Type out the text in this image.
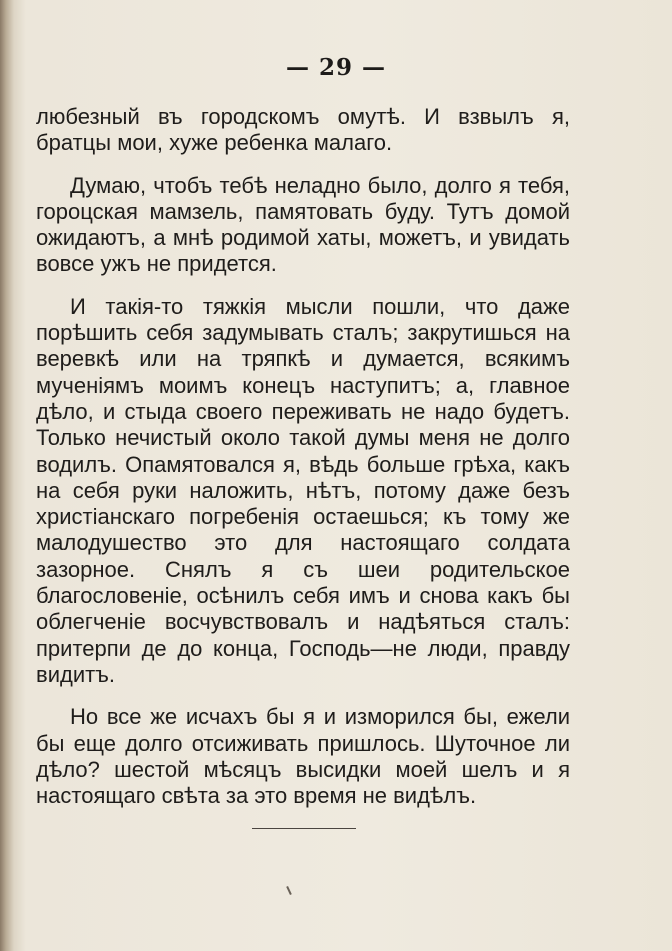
— 29 —

любезный въ городскомъ омутѣ. И взвылъ я, братцы мои, хуже ребенка малаго.

Думаю, чтобъ тебѣ неладно было, долго я тебя, гороцская мамзель, памятовать буду. Тутъ домой ожидаютъ, а мнѣ родимой хаты, можетъ, и увидать вовсе ужъ не придется.

И такія-то тяжкія мысли пошли, что даже порѣшить себя задумывать сталъ; закрутишься на веревкѣ или на тряпкѣ и думается, всякимъ мученіямъ моимъ конецъ наступитъ; а, главное дѣло, и стыда своего переживать не надо будетъ. Только нечистый около такой думы меня не долго водилъ. Опамятовался я, вѣдь больше грѣха, какъ на себя руки наложить, нѣтъ, потому даже безъ христіанскаго погребенія остаешься; къ тому же малодушество это для настоящаго солдата зазорное. Снялъ я съ шеи родительское благословеніе, осѣнилъ себя имъ и снова какъ бы облегченіе восчувствовалъ и надѣяться сталъ: притерпи де до конца, Господь—не люди, правду видитъ.

Но все же исчахъ бы я и изморился бы, ежели бы еще долго отсиживать пришлось. Шуточное ли дѣло? шестой мѣсяцъ высидки моей шелъ и я настоящаго свѣта за это время не видѣлъ.
